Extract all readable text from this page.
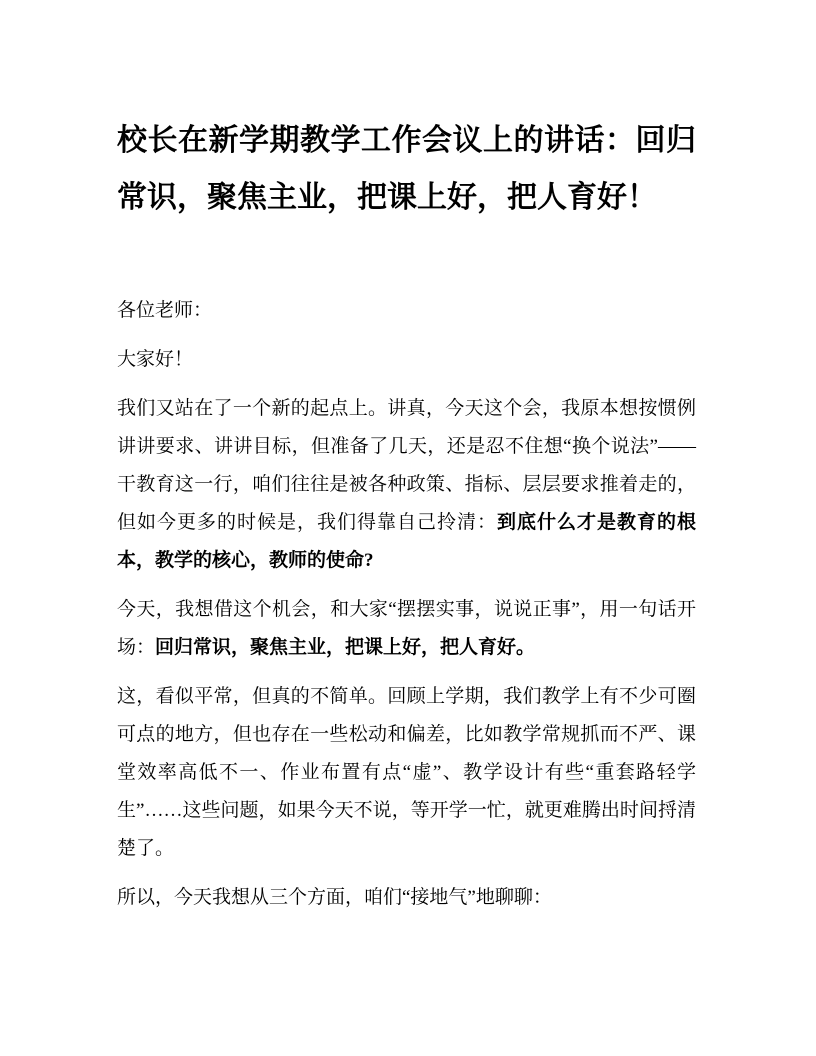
校长在新学期教学工作会议上的讲话：回归常识，聚焦主业，把课上好，把人育好！

各位老师：

大家好！

我们又站在了一个新的起点上。讲真，今天这个会，我原本想按惯例讲讲要求、讲讲目标，但准备了几天，还是忍不住想“换个说法”——干教育这一行，咱们往往是被各种政策、指标、层层要求推着走的，但如今更多的时候是，我们得靠自己拎清：到底什么才是教育的根本，教学的核心，教师的使命?

今天，我想借这个机会，和大家“摆摆实事，说说正事”，用一句话开场：回归常识，聚焦主业，把课上好，把人育好。

这，看似平常，但真的不简单。回顾上学期，我们教学上有不少可圈可点的地方，但也存在一些松动和偏差，比如教学常规抓而不严、课堂效率高低不一、作业布置有点“虚”、教学设计有些“重套路轻学生”……这些问题，如果今天不说，等开学一忙，就更难腾出时间捋清楚了。

所以，今天我想从三个方面，咱们“接地气”地聊聊：
